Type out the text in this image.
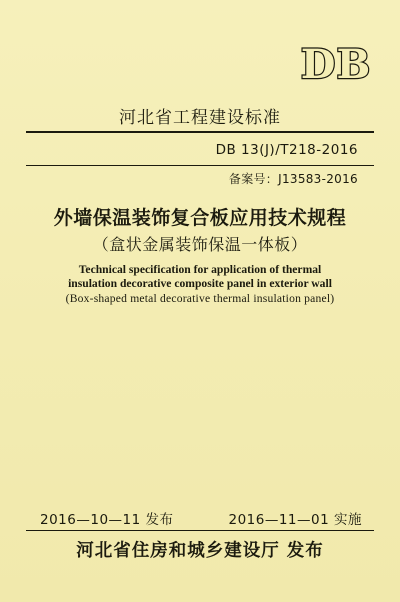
DB
河北省工程建设标准
DB 13(J)/T218-2016
备案号：J13583-2016
外墙保温装饰复合板应用技术规程
（盒状金属装饰保温一体板）
Technical specification for application of thermal
insulation decorative composite panel in exterior wall
(Box-shaped metal decorative thermal insulation panel)
2016—10—11 发布	2016—11—01 实施
河北省住房和城乡建设厅 发布
